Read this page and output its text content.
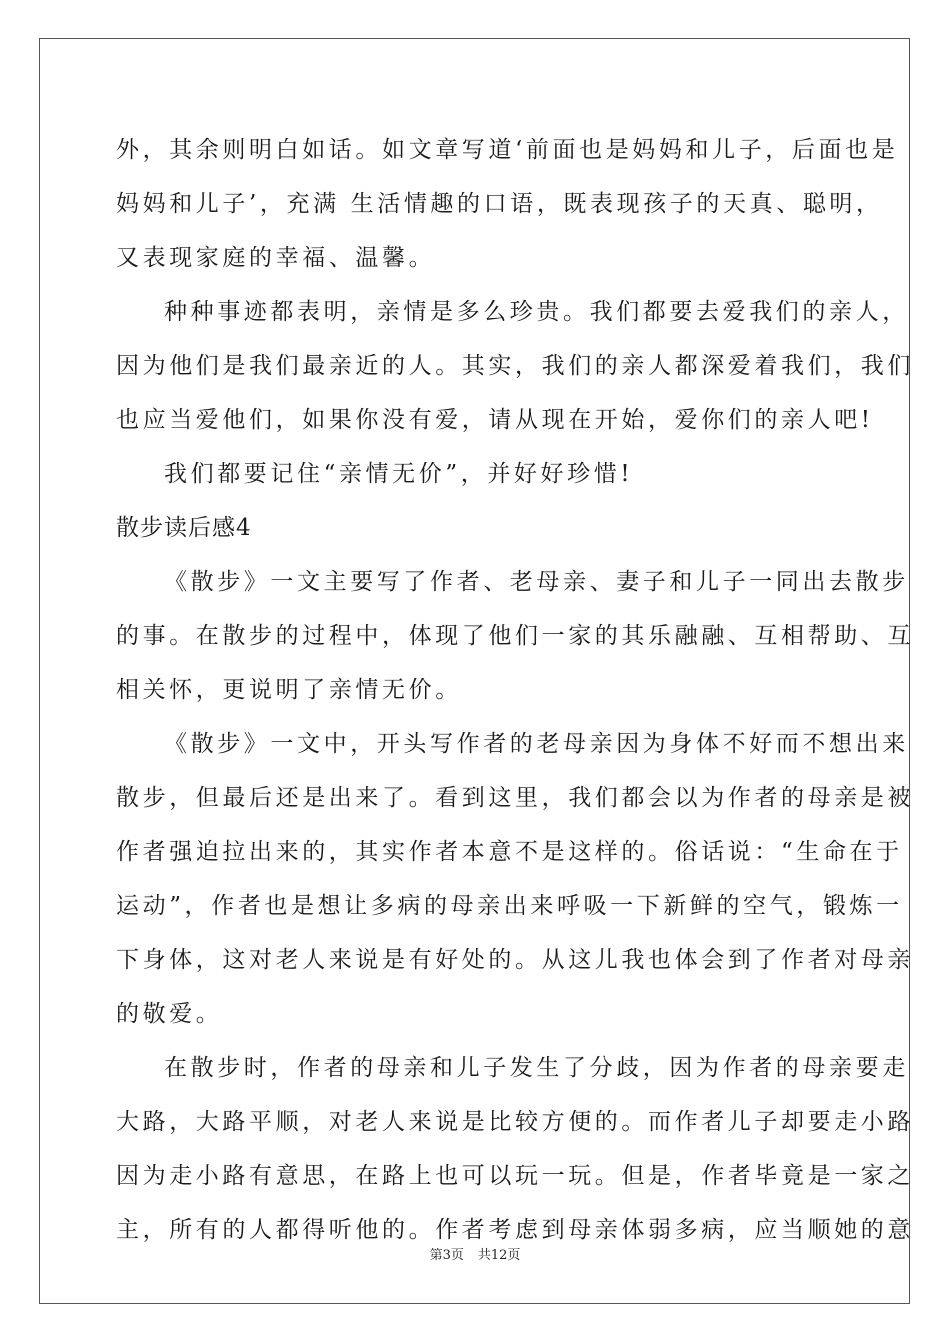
外，其余则明白如话。如文章写道‘前面也是妈妈和儿子，后面也是
妈妈和儿子’，充满 生活情趣的口语，既表现孩子的天真、聪明，
又表现家庭的幸福、温馨。
种种事迹都表明，亲情是多么珍贵。我们都要去爱我们的亲人，
因为他们是我们最亲近的人。其实，我们的亲人都深爱着我们，我们
也应当爱他们，如果你没有爱，请从现在开始，爱你们的亲人吧!
我们都要记住“亲情无价”，并好好珍惜!
散步读后感4
《散步》一文主要写了作者、老母亲、妻子和儿子一同出去散步
的事。在散步的过程中，体现了他们一家的其乐融融、互相帮助、互
相关怀，更说明了亲情无价。
《散步》一文中，开头写作者的老母亲因为身体不好而不想出来
散步，但最后还是出来了。看到这里，我们都会以为作者的母亲是被
作者强迫拉出来的，其实作者本意不是这样的。俗话说：“生命在于
运动”，作者也是想让多病的母亲出来呼吸一下新鲜的空气，锻炼一
下身体，这对老人来说是有好处的。从这儿我也体会到了作者对母亲
的敬爱。
在散步时，作者的母亲和儿子发生了分歧，因为作者的母亲要走
大路，大路平顺，对老人来说是比较方便的。而作者儿子却要走小路
因为走小路有意思，在路上也可以玩一玩。但是，作者毕竟是一家之
主，所有的人都得听他的。作者考虑到母亲体弱多病，应当顺她的意
第3页 共12页
